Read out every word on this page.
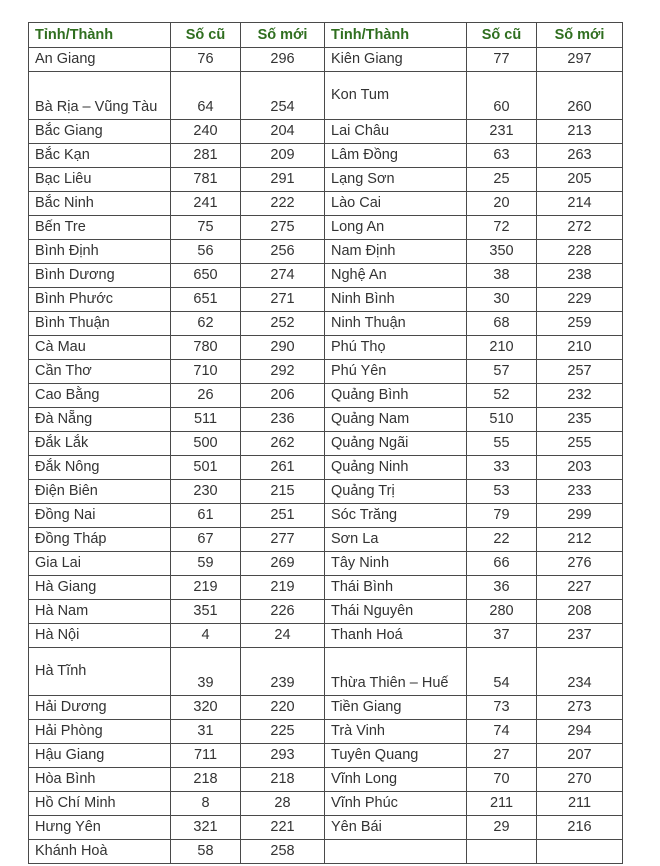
Tỉnh/Thành	Số cũ	Số mới	Tỉnh/Thành	Số cũ	Số mới
An Giang	76	296	Kiên Giang	77	297
Bà Rịa – Vũng Tàu	64	254	Kon Tum	60	260
Bắc Giang	240	204	Lai Châu	231	213
Bắc Kạn	281	209	Lâm Đồng	63	263
Bạc Liêu	781	291	Lạng Sơn	25	205
Bắc Ninh	241	222	Lào Cai	20	214
Bến Tre	75	275	Long An	72	272
Bình Định	56	256	Nam Định	350	228
Bình Dương	650	274	Nghệ An	38	238
Bình Phước	651	271	Ninh Bình	30	229
Bình Thuận	62	252	Ninh Thuận	68	259
Cà Mau	780	290	Phú Thọ	210	210
Cần Thơ	710	292	Phú Yên	57	257
Cao Bằng	26	206	Quảng Bình	52	232
Đà Nẵng	511	236	Quảng Nam	510	235
Đắk Lắk	500	262	Quảng Ngãi	55	255
Đắk Nông	501	261	Quảng Ninh	33	203
Điện Biên	230	215	Quảng Trị	53	233
Đồng Nai	61	251	Sóc Trăng	79	299
Đồng Tháp	67	277	Sơn La	22	212
Gia Lai	59	269	Tây Ninh	66	276
Hà Giang	219	219	Thái Bình	36	227
Hà Nam	351	226	Thái Nguyên	280	208
Hà Nội	4	24	Thanh Hoá	37	237
Hà Tĩnh	39	239	Thừa Thiên – Huế	54	234
Hải Dương	320	220	Tiền Giang	73	273
Hải Phòng	31	225	Trà Vinh	74	294
Hậu Giang	711	293	Tuyên Quang	27	207
Hòa Bình	218	218	Vĩnh Long	70	270
Hồ Chí Minh	8	28	Vĩnh Phúc	211	211
Hưng Yên	321	221	Yên Bái	29	216
Khánh Hoà	58	258			
